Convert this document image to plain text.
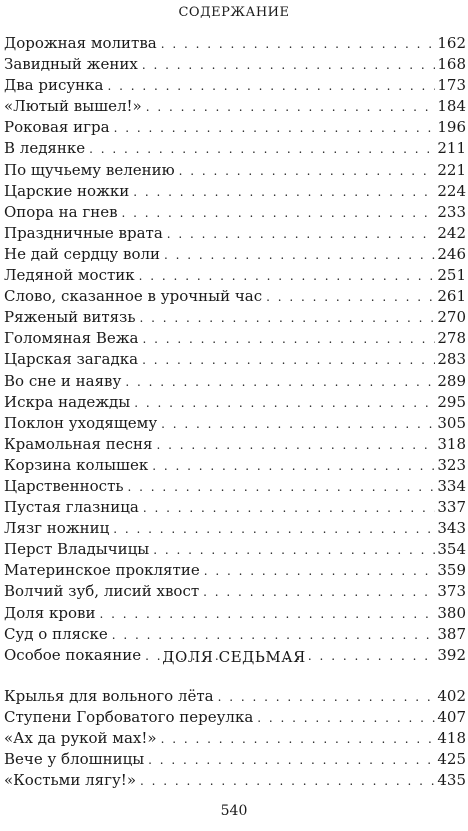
СОДЕРЖАНИЕ
Дорожная молитва . . .	162
Завидный жених . . .	168
Два рисунка . . .	173
«Лютый вышел!» . . .	184
Роковая игра . . .	196
В ледянке . . .	211
По щучьему велению . . .	221
Царские ножки . . .	224
Опора на гнев . . .	233
Праздничные врата . . .	242
Не дай сердцу воли . . .	246
Ледяной мостик . . .	251
Слово, сказанное в урочный час . . .	261
Ряженый витязь . . .	270
Голомяная Вежа . . .	278
Царская загадка . . .	283
Во сне и наяву . . .	289
Искра надежды . . .	295
Поклон уходящему . . .	305
Крамольная песня . . .	318
Корзина колышек . . .	323
Царственность . . .	334
Пустая глазница . . .	337
Лязг ножниц . . .	343
Перст Владычицы . . .	354
Материнское проклятие . . .	359
Волчий зуб, лисий хвост . . .	373
Доля крови . . .	380
Суд о пляске . . .	387
Особое покаяние . . .	392
ДОЛЯ СЕДЬМАЯ
Крылья для вольного лёта . . .	402
Ступени Горбоватого переулка . . .	407
«Ах да рукой мах!» . . .	418
Вече у блошницы . . .	425
«Костьми лягу!» . . .	435
540
